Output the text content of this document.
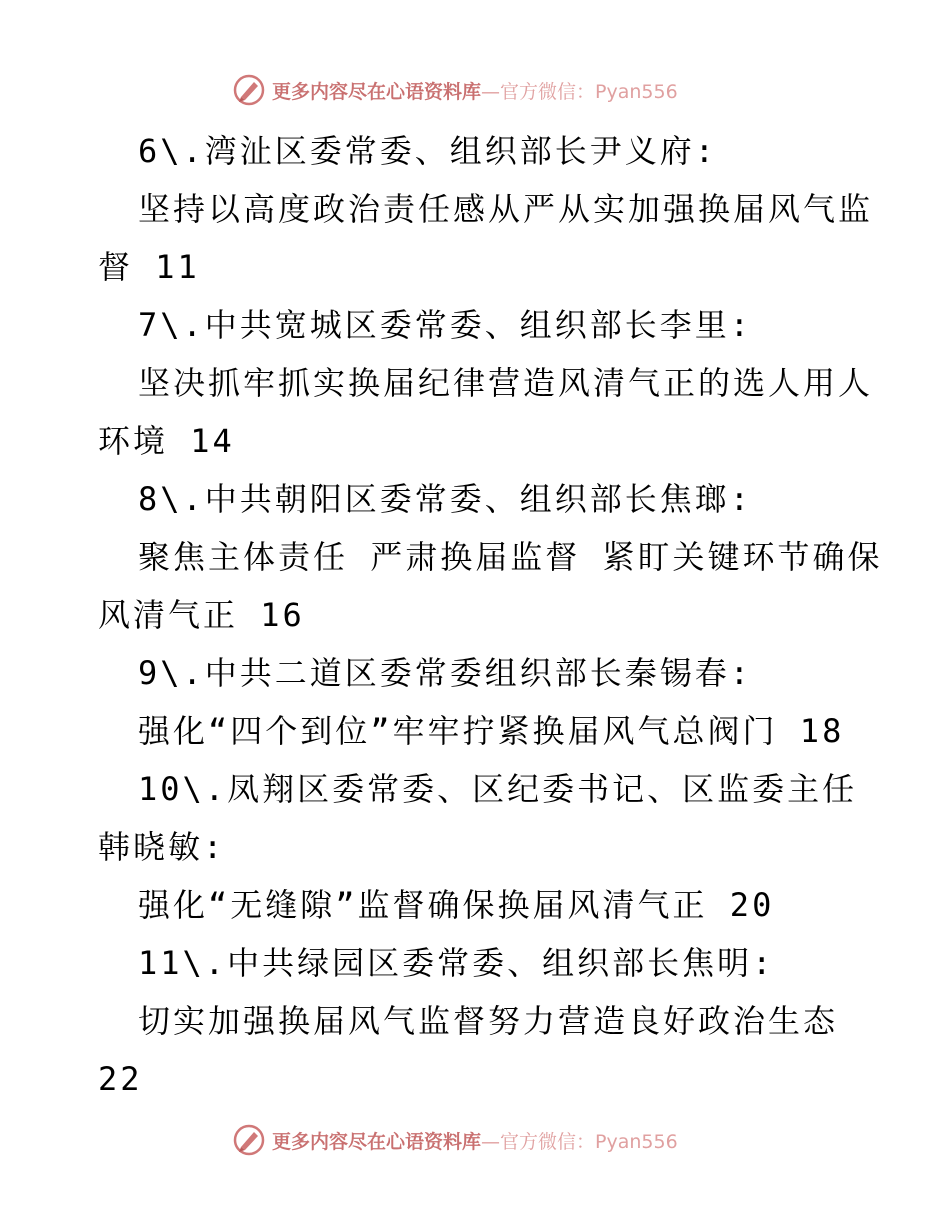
更多内容尽在心语资料库—官方微信：Pyan556
6\.湾沚区委常委、组织部长尹义府:
坚持以高度政治责任感从严从实加强换届风气监
督 11
7\.中共宽城区委常委、组织部长李里:
坚决抓牢抓实换届纪律营造风清气正的选人用人
环境 14
8\.中共朝阳区委常委、组织部长焦瑯:
聚焦主体责任 严肃换届监督 紧盯关键环节确保
风清气正 16
9\.中共二道区委常委组织部长秦锡春:
强化“四个到位”牢牢拧紧换届风气总阀门 18
10\.凤翔区委常委、区纪委书记、区监委主任
韩晓敏:
强化“无缝隙”监督确保换届风清气正 20
11\.中共绿园区委常委、组织部长焦明:
切实加强换届风气监督努力营造良好政治生态
22
更多内容尽在心语资料库—官方微信：Pyan556
